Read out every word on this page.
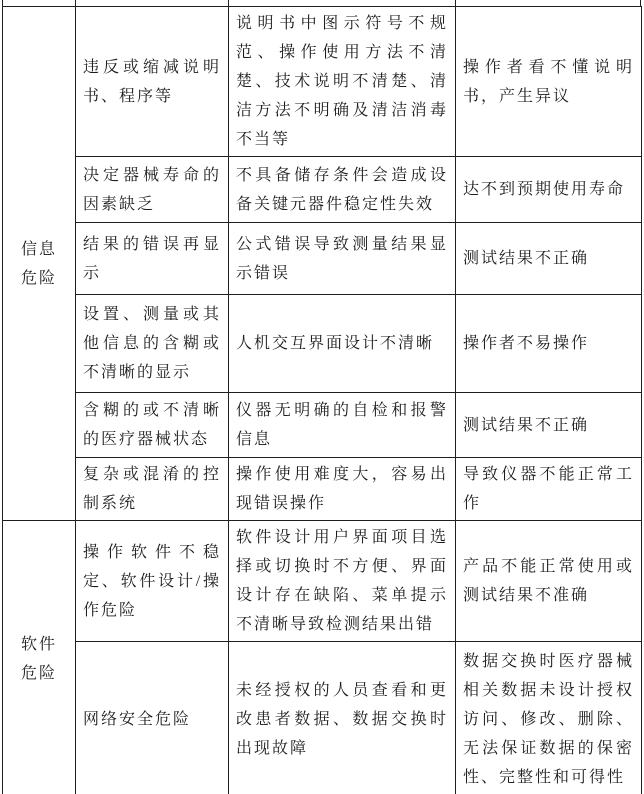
信息
危险	违反或缩减说明书、程序等	说明书中图示符号不规范、操作使用方法不清楚、技术说明不清楚、清洁方法不明确及清洁消毒不当等	操作者看不懂说明书，产生异议
	决定器械寿命的因素缺乏	不具备储存条件会造成设备关键元器件稳定性失效	达不到预期使用寿命
	结果的错误再显示	公式错误导致测量结果显示错误	测试结果不正确
	设置、测量或其他信息的含糊或不清晰的显示	人机交互界面设计不清晰	操作者不易操作
	含糊的或不清晰的医疗器械状态	仪器无明确的自检和报警信息	测试结果不正确
	复杂或混淆的控制系统	操作使用难度大，容易出现错误操作	导致仪器不能正常工作

软件
危险	操作软件不稳定、软件设计/操作危险	软件设计用户界面项目选择或切换时不方便、界面设计存在缺陷、菜单提示不清晰导致检测结果出错	产品不能正常使用或测试结果不准确
	网络安全危险	未经授权的人员查看和更改患者数据、数据交换时出现故障	数据交换时医疗器械相关数据未设计授权访问、修改、删除、无法保证数据的保密性、完整性和可得性
